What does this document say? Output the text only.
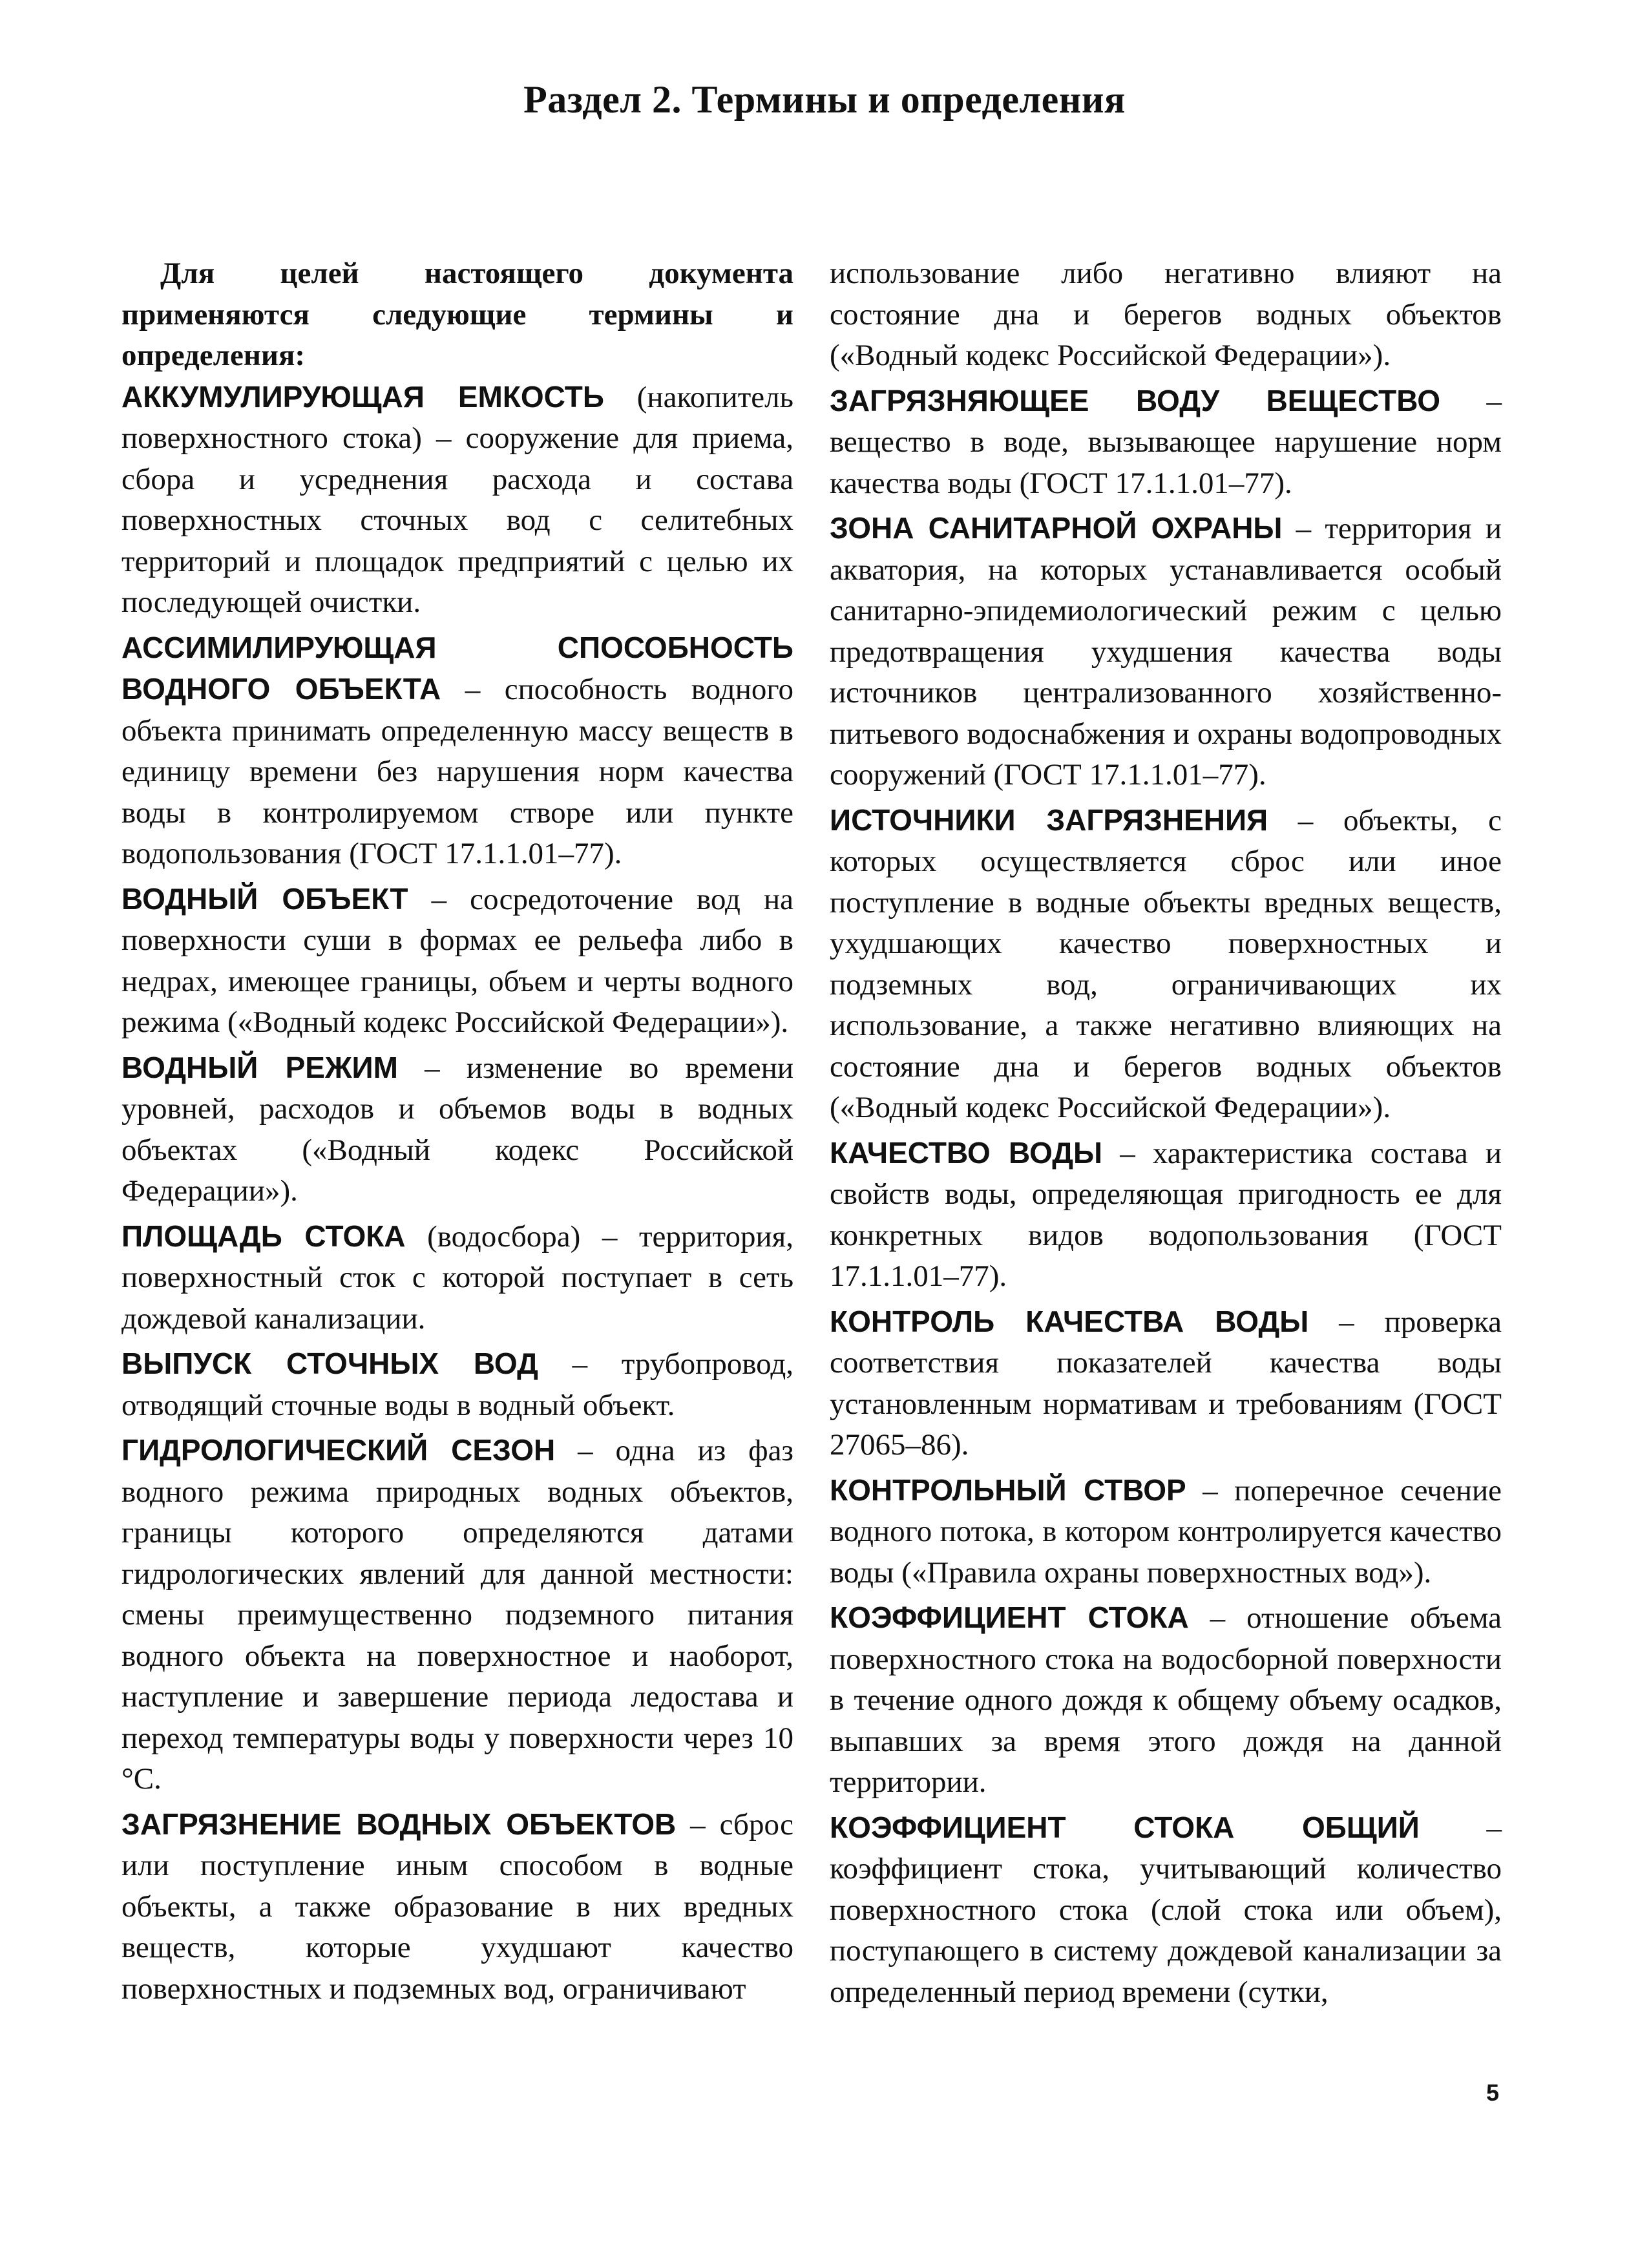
Раздел 2. Термины и определения

Для целей настоящего документа применяются следующие термины и определения:

АККУМУЛИРУЮЩАЯ ЕМКОСТЬ (накопитель поверхностного стока) – сооружение для приема, сбора и усреднения расхода и состава поверхностных сточных вод с селитебных территорий и площадок предприятий с целью их последующей очистки.

АССИМИЛИРУЮЩАЯ СПОСОБНОСТЬ ВОДНОГО ОБЪЕКТА – способность водного объекта принимать определенную массу веществ в единицу времени без нарушения норм качества воды в контролируемом створе или пункте водопользования (ГОСТ 17.1.1.01–77).

ВОДНЫЙ ОБЪЕКТ – сосредоточение вод на поверхности суши в формах ее рельефа либо в недрах, имеющее границы, объем и черты водного режима («Водный кодекс Российской Федерации»).

ВОДНЫЙ РЕЖИМ – изменение во времени уровней, расходов и объемов воды в водных объектах («Водный кодекс Российской Федерации»).

ПЛОЩАДЬ СТОКА (водосбора) – территория, поверхностный сток с которой поступает в сеть дождевой канализации.

ВЫПУСК СТОЧНЫХ ВОД – трубопровод, отводящий сточные воды в водный объект.

ГИДРОЛОГИЧЕСКИЙ СЕЗОН – одна из фаз водного режима природных водных объектов, границы которого определяются датами гидрологических явлений для данной местности: смены преимущественно подземного питания водного объекта на поверхностное и наоборот, наступление и завершение периода ледостава и переход температуры воды у поверхности через 10 °С.

ЗАГРЯЗНЕНИЕ ВОДНЫХ ОБЪЕКТОВ – сброс или поступление иным способом в водные объекты, а также образование в них вредных веществ, которые ухудшают качество поверхностных и подземных вод, ограничивают

использование либо негативно влияют на состояние дна и берегов водных объектов («Водный кодекс Российской Федерации»).

ЗАГРЯЗНЯЮЩЕЕ ВОДУ ВЕЩЕСТВО – вещество в воде, вызывающее нарушение норм качества воды (ГОСТ 17.1.1.01–77).

ЗОНА САНИТАРНОЙ ОХРАНЫ – территория и акватория, на которых устанавливается особый санитарно-эпидемиологический режим с целью предотвращения ухудшения качества воды источников централизованного хозяйственно-питьевого водоснабжения и охраны водопроводных сооружений (ГОСТ 17.1.1.01–77).

ИСТОЧНИКИ ЗАГРЯЗНЕНИЯ – объекты, с которых осуществляется сброс или иное поступление в водные объекты вредных веществ, ухудшающих качество поверхностных и подземных вод, ограничивающих их использование, а также негативно влияющих на состояние дна и берегов водных объектов («Водный кодекс Российской Федерации»).

КАЧЕСТВО ВОДЫ – характеристика состава и свойств воды, определяющая пригодность ее для конкретных видов водопользования (ГОСТ 17.1.1.01–77).

КОНТРОЛЬ КАЧЕСТВА ВОДЫ – проверка соответствия показателей качества воды установленным нормативам и требованиям (ГОСТ 27065–86).

КОНТРОЛЬНЫЙ СТВОР – поперечное сечение водного потока, в котором контролируется качество воды («Правила охраны поверхностных вод»).

КОЭФФИЦИЕНТ СТОКА – отношение объема поверхностного стока на водосборной поверхности в течение одного дождя к общему объему осадков, выпавших за время этого дождя на данной территории.

КОЭФФИЦИЕНТ СТОКА ОБЩИЙ – коэффициент стока, учитывающий количество поверхностного стока (слой стока или объем), поступающего в систему дождевой канализации за определенный период времени (сутки,

5
